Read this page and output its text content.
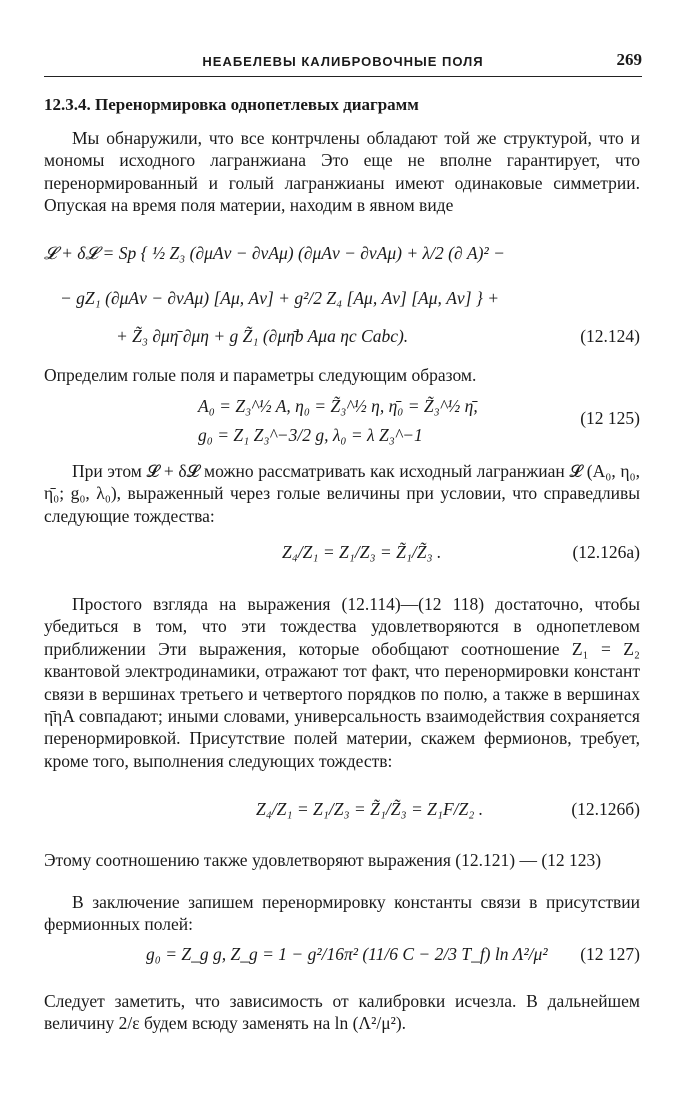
НЕАБЕЛЕВЫ КАЛИБРОВОЧНЫЕ ПОЛЯ	269
12.3.4. Перенормировка однопетлевых диаграмм
Мы обнаружили, что все контрчлены обладают той же структурой, что и мономы исходного лагранжиана Это еще не вполне гарантирует, что перенормированный и голый лагранжианы имеют одинаковые симметрии. Опуская на время поля материи, находим в явном виде
𝓛 + δ𝓛 = Sp { ½ Z₃ (∂μAν − ∂νAμ) (∂μAν − ∂νAμ) + λ/2 (∂ A)² −
− gZ₁ (∂μAν − ∂νAμ) [Aμ, Aν] + g²/2 Z₄ [Aμ, Aν] [Aμ, Aν] } +
+ Z̃₃ ∂μη̄ ∂μη + g Z̃₁ (∂μη̄b Aμa ηc Cabc).	(12.124)
Определим голые поля и параметры следующим образом.
A₀ = Z₃^½ A, η₀ = Z̃₃^½ η, η̄₀ = Z̃₃^½ η̄,
g₀ = Z₁ Z₃^−3/2 g, λ₀ = λ Z₃^−1
(12 125)
При этом 𝓛 + δ𝓛 можно рассматривать как исходный лагранжиан 𝓛 (A₀, η₀, η̄₀; g₀, λ₀), выраженный через голые величины при условии, что справедливы следующие тождества:
Z₄/Z₁ = Z₁/Z₃ = Z̃₁/Z̃₃ .	(12.126а)
Простого взгляда на выражения (12.114)—(12 118) достаточно, чтобы убедиться в том, что эти тождества удовлетворяются в однопетлевом приближении Эти выражения, которые обобщают соотношение Z₁ = Z₂ квантовой электродинамики, отражают тот факт, что перенормировки констант связи в вершинах третьего и четвертого порядков по полю, а также в вершинах η̄ηA совпадают; иными словами, универсальность взаимодействия сохраняется перенормировкой. Присутствие полей материи, скажем фермионов, требует, кроме того, выполнения следующих тождеств:
Z₄/Z₁ = Z₁/Z₃ = Z̃₁/Z̃₃ = Z₁F/Z₂ .	(12.126б)
Этому соотношению также удовлетворяют выражения (12.121) — (12 123)
В заключение запишем перенормировку константы связи в присутствии фермионных полей:
g₀ = Z_g g, Z_g = 1 − g²/16π² (11/6 C − 2/3 T_f) ln Λ²/μ² (12 127)
Следует заметить, что зависимость от калибровки исчезла. В дальнейшем величину 2/ε будем всюду заменять на ln (Λ²/μ²).
